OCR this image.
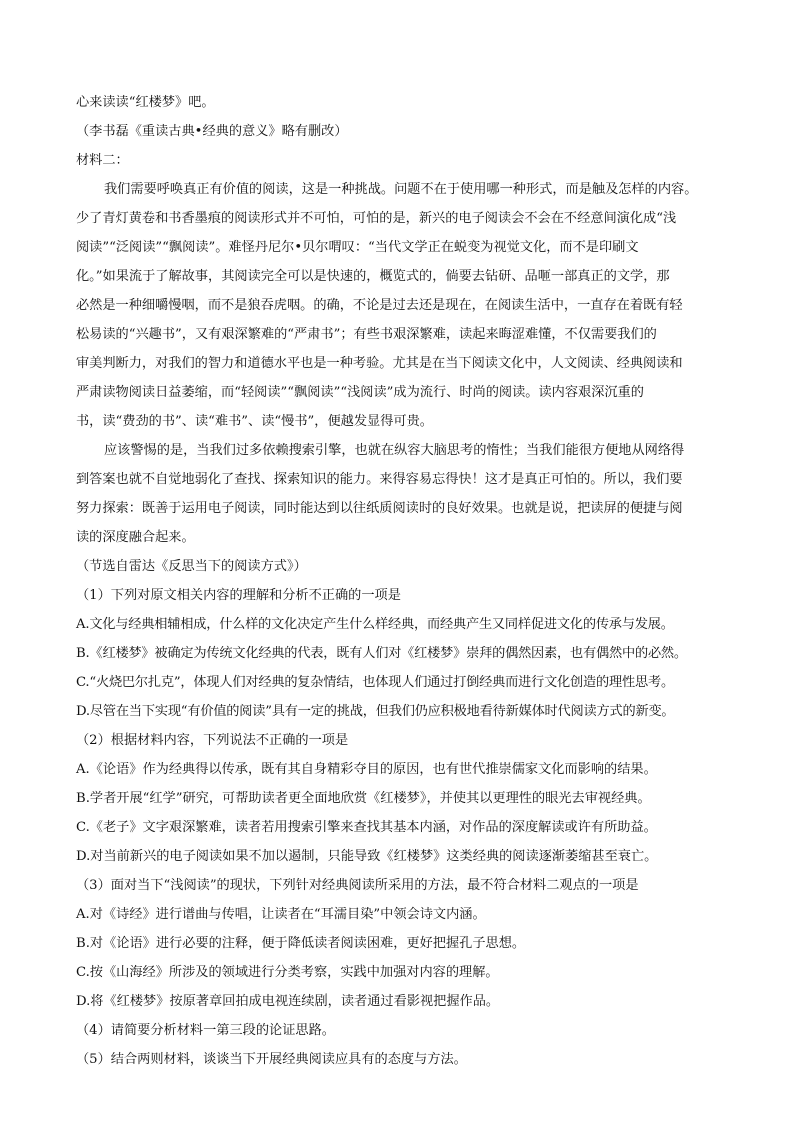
心来读读“红楼梦》吧。
（李书磊《重读古典•经典的意义》略有删改）
材料二：
我们需要呼唤真正有价值的阅读，这是一种挑战。问题不在于使用哪一种形式，而是触及怎样的内容。
少了青灯黄卷和书香墨痕的阅读形式并不可怕，可怕的是，新兴的电子阅读会不会在不经意间演化成“浅
阅读”“泛阅读”“飘阅读”。难怪丹尼尔•贝尔喟叹：“当代文学正在蜕变为视觉文化，而不是印刷文
化。”如果流于了解故事，其阅读完全可以是快速的，概览式的，倘要去钻研、品咂一部真正的文学，那
必然是一种细嚼慢咽，而不是狼吞虎咽。的确，不论是过去还是现在，在阅读生活中，一直存在着既有轻
松易读的“兴趣书”，又有艰深繁难的“严肃书”；有些书艰深繁难，读起来晦涩难懂，不仅需要我们的
审美判断力，对我们的智力和道德水平也是一种考验。尤其是在当下阅读文化中，人文阅读、经典阅读和
严肃读物阅读日益萎缩，而“轻阅读”“飘阅读”“浅阅读”成为流行、时尚的阅读。读内容艰深沉重的
书，读“费劲的书”、读“难书”、读“慢书”，便越发显得可贵。
应该警惕的是，当我们过多依赖搜索引擎，也就在纵容大脑思考的惰性；当我们能很方便地从网络得
到答案也就不自觉地弱化了查找、探索知识的能力。来得容易忘得快！这才是真正可怕的。所以，我们要
努力探索：既善于运用电子阅读，同时能达到以往纸质阅读时的良好效果。也就是说，把读屏的便捷与阅
读的深度融合起来。
（节选自雷达《反思当下的阅读方式》）
（1）下列对原文相关内容的理解和分析不正确的一项是
A.文化与经典相辅相成，什么样的文化决定产生什么样经典，而经典产生又同样促进文化的传承与发展。
B.《红楼梦》被确定为传统文化经典的代表，既有人们对《红楼梦》崇拜的偶然因素，也有偶然中的必然。
C.“火烧巴尔扎克”，体现人们对经典的复杂情结，也体现人们通过打倒经典而进行文化创造的理性思考。
D.尽管在当下实现“有价值的阅读”具有一定的挑战，但我们仍应积极地看待新媒体时代阅读方式的新变。
（2）根据材料内容，下列说法不正确的一项是
A.《论语》作为经典得以传承，既有其自身精彩夺目的原因，也有世代推崇儒家文化而影响的结果。
B.学者开展“红学”研究，可帮助读者更全面地欣赏《红楼梦》，并使其以更理性的眼光去审视经典。
C.《老子》文字艰深繁难，读者若用搜索引擎来查找其基本内涵，对作品的深度解读或许有所助益。
D.对当前新兴的电子阅读如果不加以遏制，只能导致《红楼梦》这类经典的阅读逐渐萎缩甚至衰亡。
（3）面对当下“浅阅读”的现状，下列针对经典阅读所采用的方法，最不符合材料二观点的一项是
A.对《诗经》进行谱曲与传唱，让读者在“耳濡目染”中领会诗文内涵。
B.对《论语》进行必要的注释，便于降低读者阅读困难，更好把握孔子思想。
C.按《山海经》所涉及的领域进行分类考察，实践中加强对内容的理解。
D.将《红楼梦》按原著章回拍成电视连续剧，读者通过看影视把握作品。
（4）请简要分析材料一第三段的论证思路。
（5）结合两则材料，谈谈当下开展经典阅读应具有的态度与方法。
